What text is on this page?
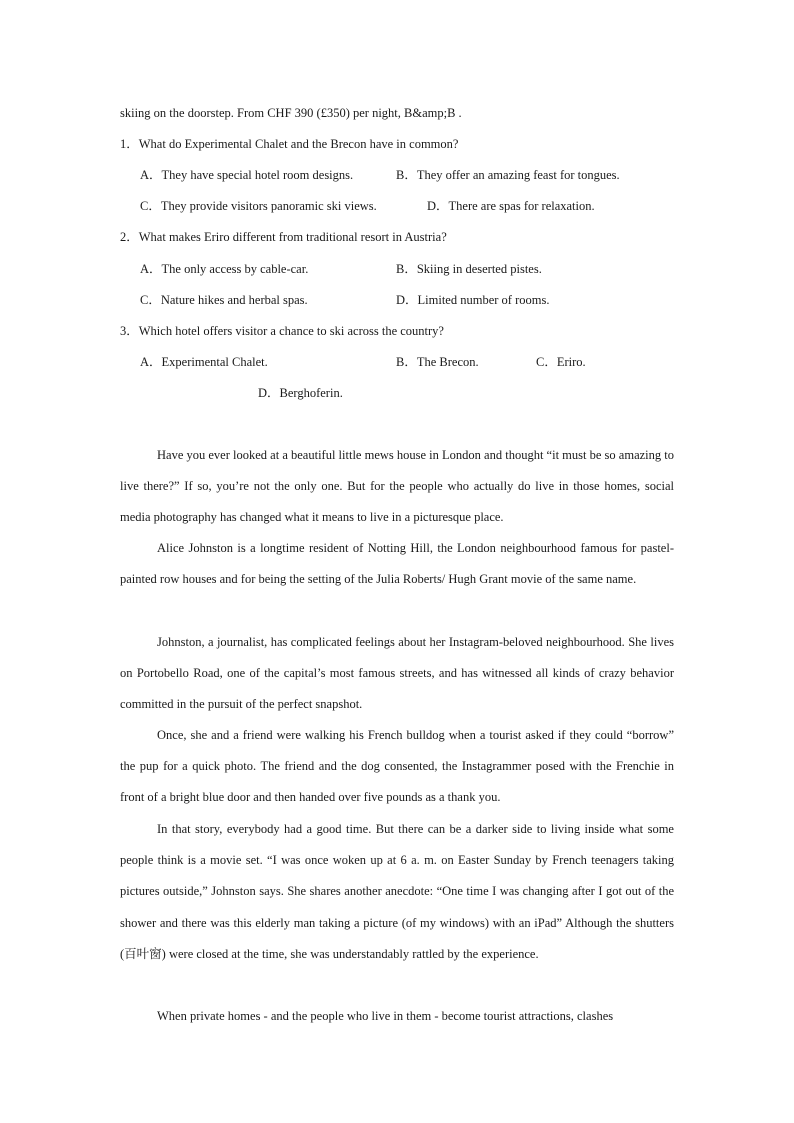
skiing on the doorstep. From CHF 390 (£350) per night, B&amp;B .
1．What do Experimental Chalet and the Brecon have in common?
A．They have special hotel room designs.	B．They offer an amazing feast for tongues.
C．They provide visitors panoramic ski views.	D．There are spas for relaxation.
2．What makes Eriro different from traditional resort in Austria?
A．The only access by cable-car.	B．Skiing in deserted pistes.
C．Nature hikes and herbal spas.	D．Limited number of rooms.
3．Which hotel offers visitor a chance to ski across the country?
A．Experimental Chalet.	B．The Brecon.	C．Eriro.
D．Berghoferin.

Have you ever looked at a beautiful little mews house in London and thought “it must be so amazing to live there?” If so, you’re not the only one. But for the people who actually do live in those homes, social media photography has changed what it means to live in a picturesque place.

Alice Johnston is a longtime resident of Notting Hill, the London neighbourhood famous for pastel-painted row houses and for being the setting of the Julia Roberts/ Hugh Grant movie of the same name.

Johnston, a journalist, has complicated feelings about her Instagram-beloved neighbourhood. She lives on Portobello Road, one of the capital’s most famous streets, and has witnessed all kinds of crazy behavior committed in the pursuit of the perfect snapshot.

Once, she and a friend were walking his French bulldog when a tourist asked if they could “borrow” the pup for a quick photo. The friend and the dog consented, the Instagrammer posed with the Frenchie in front of a bright blue door and then handed over five pounds as a thank you.

In that story, everybody had a good time. But there can be a darker side to living inside what some people think is a movie set. “I was once woken up at 6 a. m. on Easter Sunday by French teenagers taking pictures outside,” Johnston says. She shares another anecdote: “One time I was changing after I got out of the shower and there was this elderly man taking a picture (of my windows) with an iPad” Although the shutters (百叶窗) were closed at the time, she was understandably rattled by the experience.

When private homes - and the people who live in them - become tourist attractions, clashes
